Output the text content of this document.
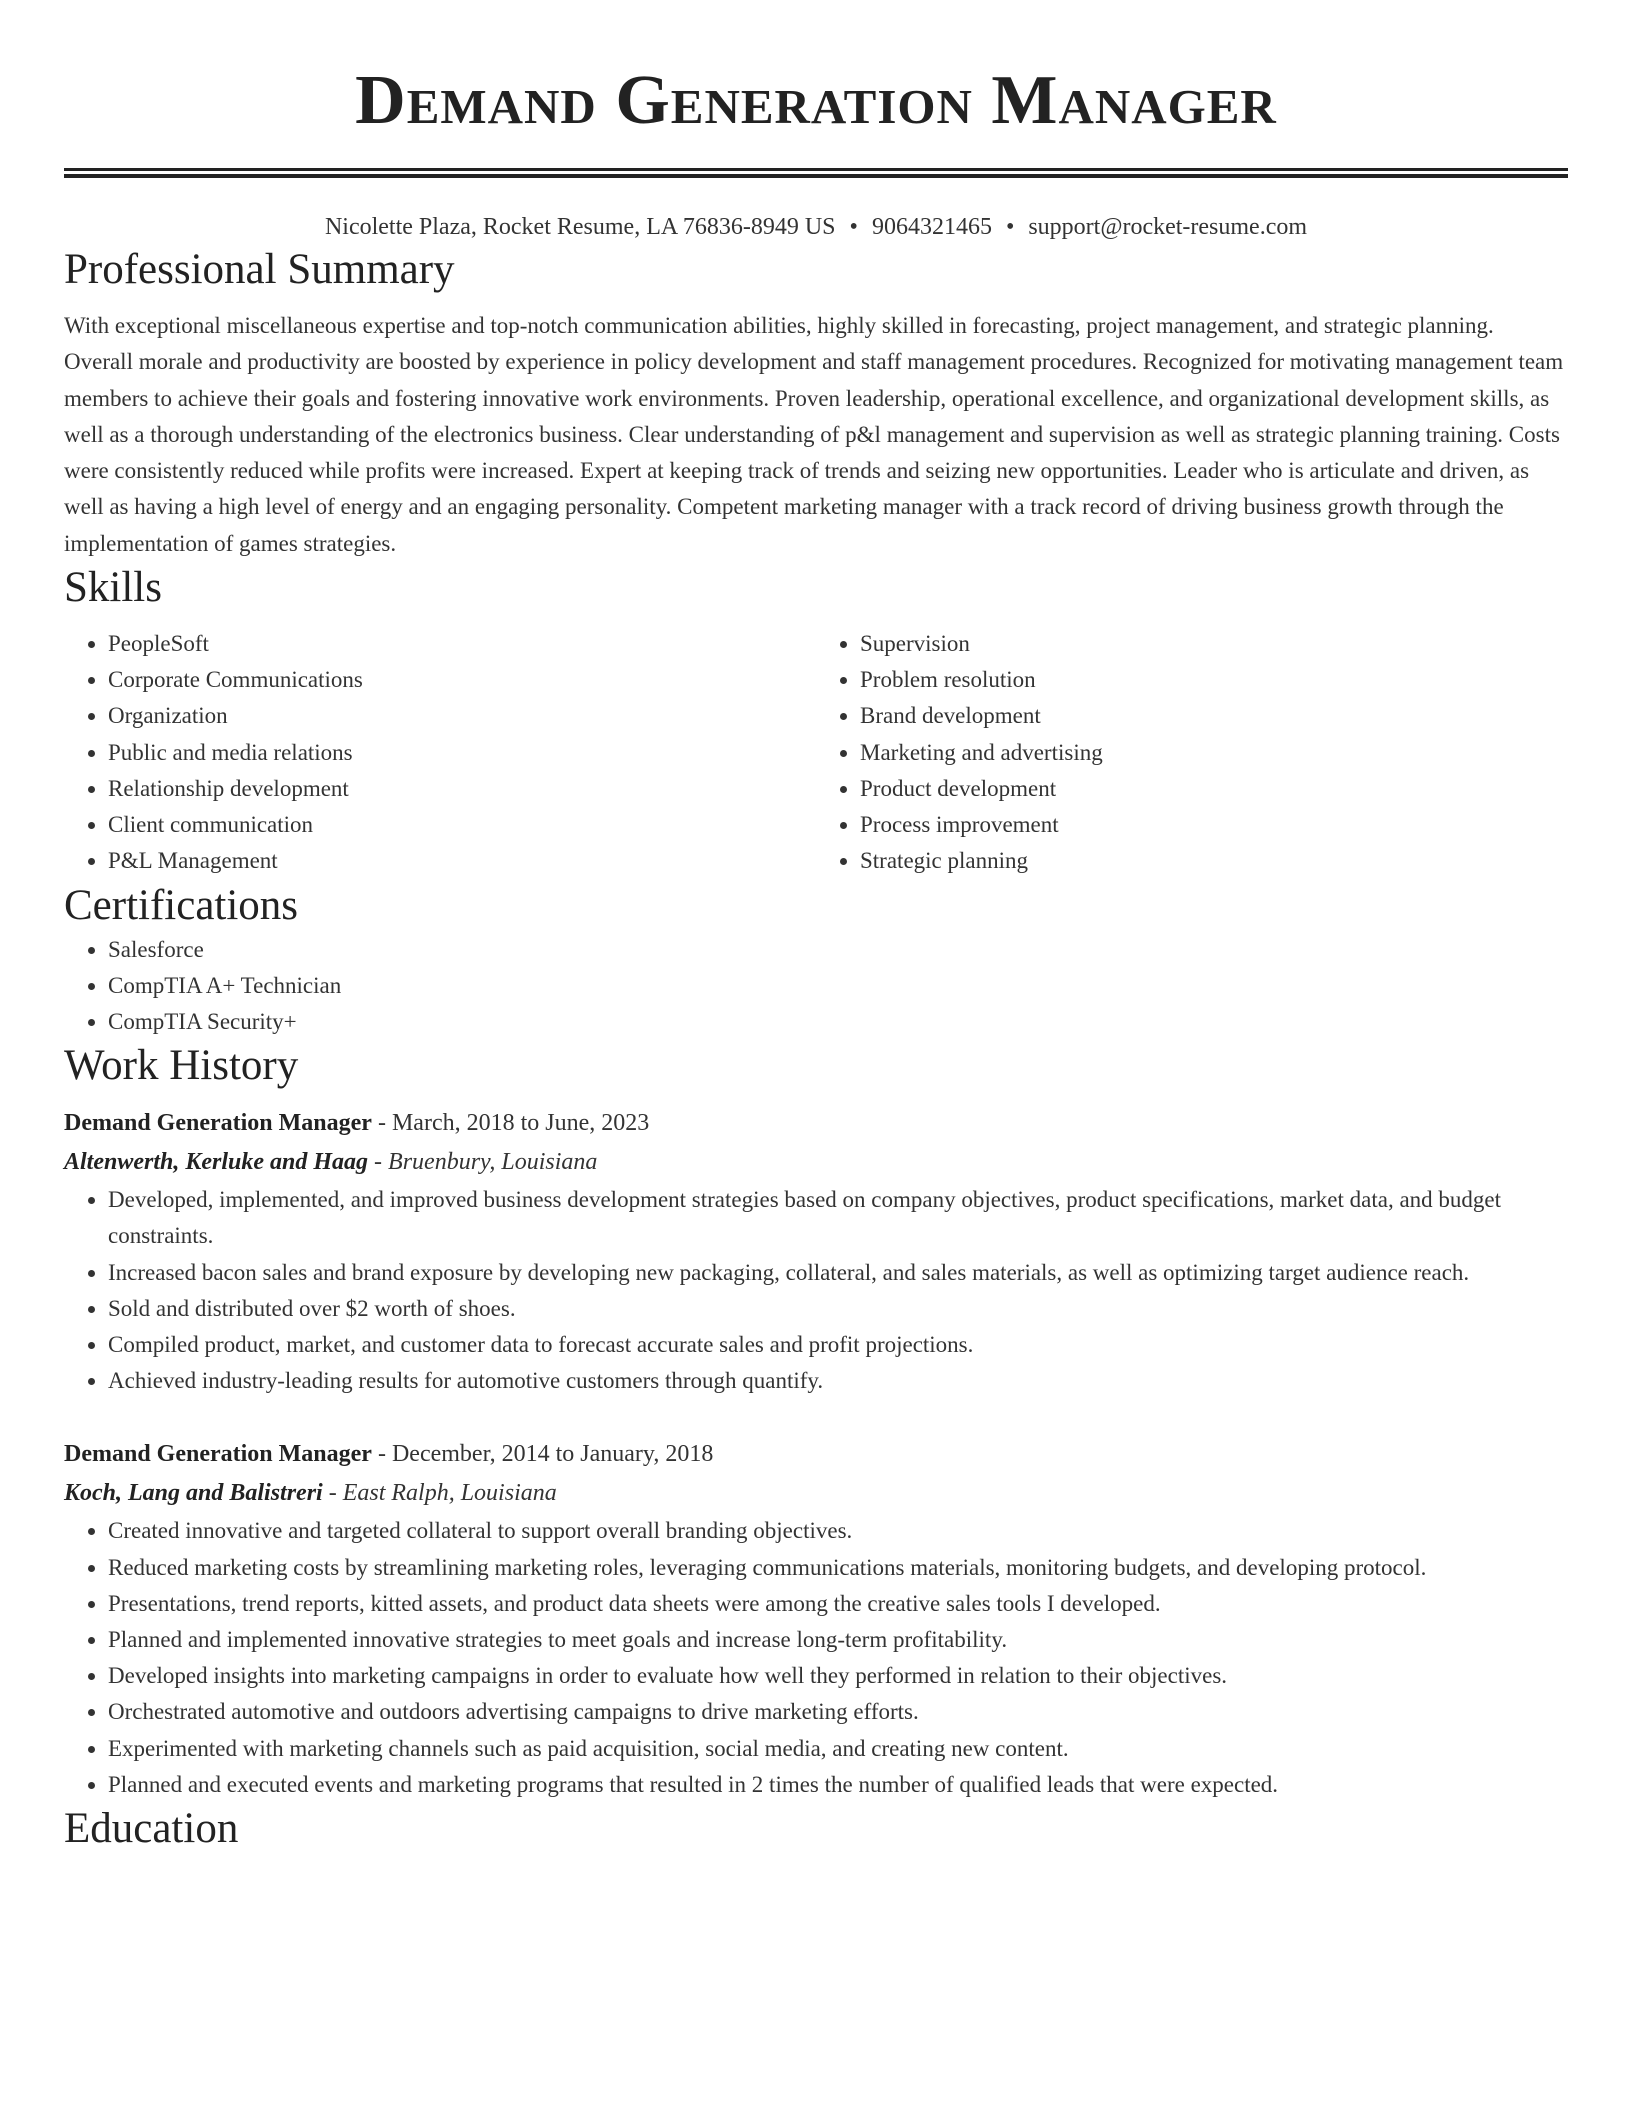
Demand Generation Manager
Nicolette Plaza, Rocket Resume, LA 76836-8949 US • 9064321465 • support@rocket-resume.com
Professional Summary

With exceptional miscellaneous expertise and top-notch communication abilities, highly skilled in forecasting, project management, and strategic planning. Overall morale and productivity are boosted by experience in policy development and staff management procedures. Recognized for motivating management team members to achieve their goals and fostering innovative work environments. Proven leadership, operational excellence, and organizational development skills, as well as a thorough understanding of the electronics business. Clear understanding of p&l management and supervision as well as strategic planning training. Costs were consistently reduced while profits were increased. Expert at keeping track of trends and seizing new opportunities. Leader who is articulate and driven, as well as having a high level of energy and an engaging personality. Competent marketing manager with a track record of driving business growth through the implementation of games strategies.

Skills
• PeopleSoft
• Corporate Communications
• Organization
• Public and media relations
• Relationship development
• Client communication
• P&L Management
• Supervision
• Problem resolution
• Brand development
• Marketing and advertising
• Product development
• Process improvement
• Strategic planning
Certifications
• Salesforce
• CompTIA A+ Technician
• CompTIA Security+
Work History
Demand Generation Manager - March, 2018 to June, 2023
Altenwerth, Kerluke and Haag - Bruenbury, Louisiana
• Developed, implemented, and improved business development strategies based on company objectives, product specifications, market data, and budget constraints.
• Increased bacon sales and brand exposure by developing new packaging, collateral, and sales materials, as well as optimizing target audience reach.
• Sold and distributed over $2 worth of shoes.
• Compiled product, market, and customer data to forecast accurate sales and profit projections.
• Achieved industry-leading results for automotive customers through quantify.
Demand Generation Manager - December, 2014 to January, 2018
Koch, Lang and Balistreri - East Ralph, Louisiana
• Created innovative and targeted collateral to support overall branding objectives.
• Reduced marketing costs by streamlining marketing roles, leveraging communications materials, monitoring budgets, and developing protocol.
• Presentations, trend reports, kitted assets, and product data sheets were among the creative sales tools I developed.
• Planned and implemented innovative strategies to meet goals and increase long-term profitability.
• Developed insights into marketing campaigns in order to evaluate how well they performed in relation to their objectives.
• Orchestrated automotive and outdoors advertising campaigns to drive marketing efforts.
• Experimented with marketing channels such as paid acquisition, social media, and creating new content.
• Planned and executed events and marketing programs that resulted in 2 times the number of qualified leads that were expected.
Education
